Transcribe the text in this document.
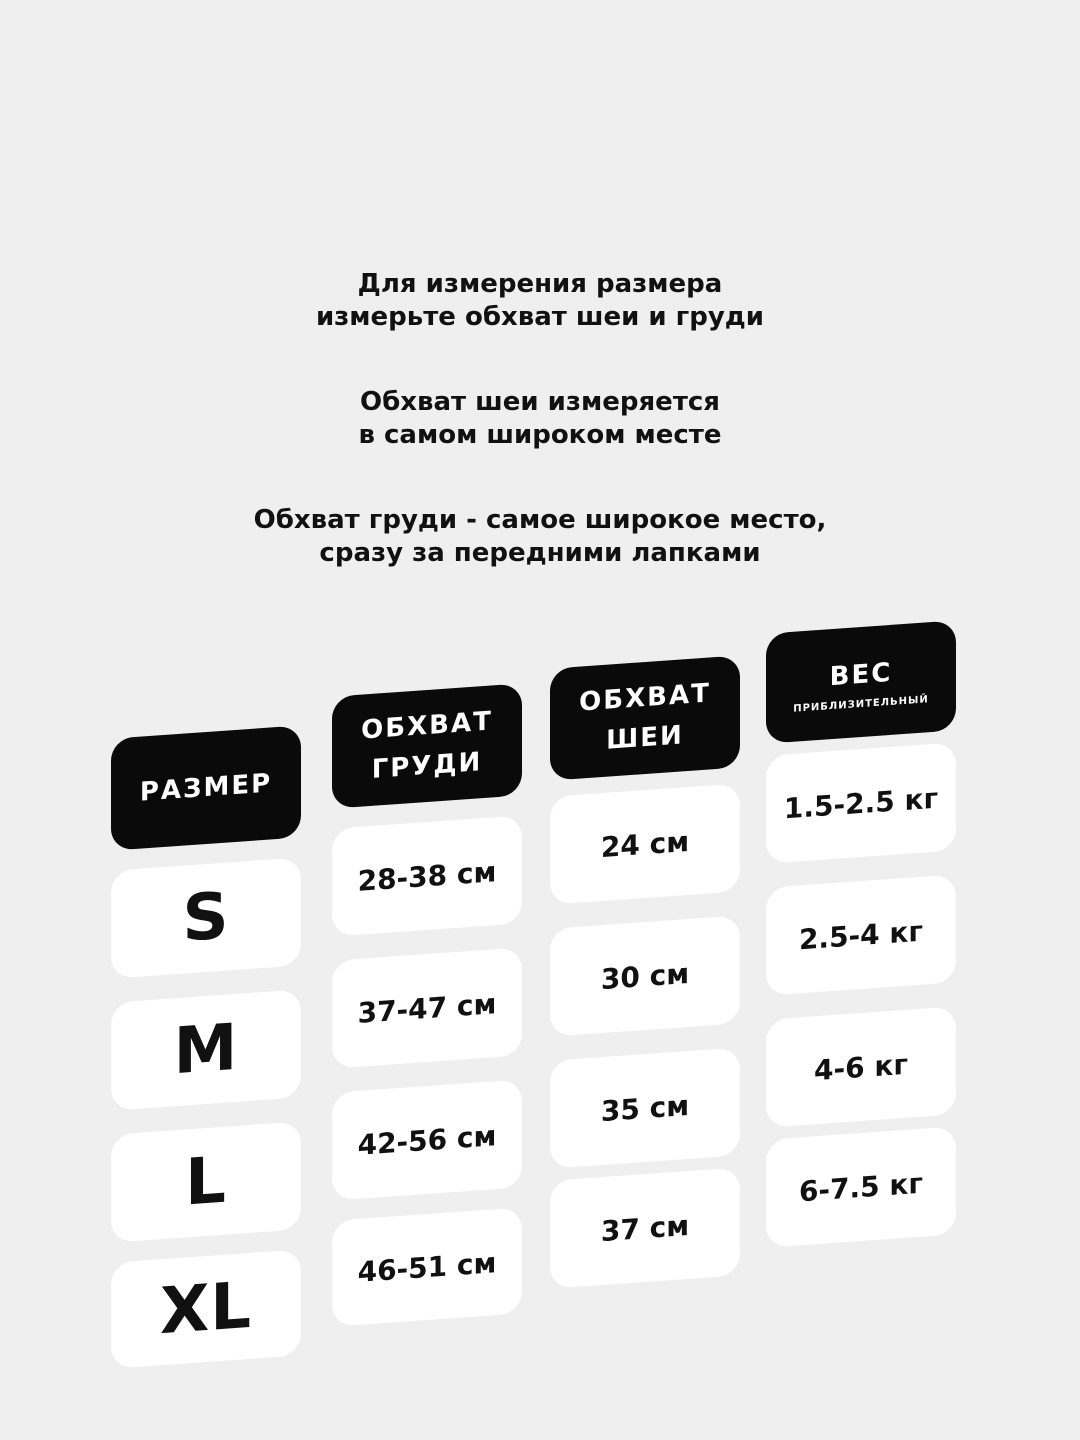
Для измерения размера
измерьте обхват шеи и груди

Обхват шеи измеряется
в самом широком месте

Обхват груди - самое широкое место,
сразу за передними лапками

РАЗМЕР
S
M
L
XL
ОБХВАТ
ГРУДИ
28-38 см
37-47 см
42-56 см
46-51 см
ОБХВАТ
ШЕИ
24 см
30 см
35 см
37 см
ВЕС
ПРИБЛИЗИТЕЛЬНЫЙ
1.5-2.5 кг
2.5-4 кг
4-6 кг
6-7.5 кг
